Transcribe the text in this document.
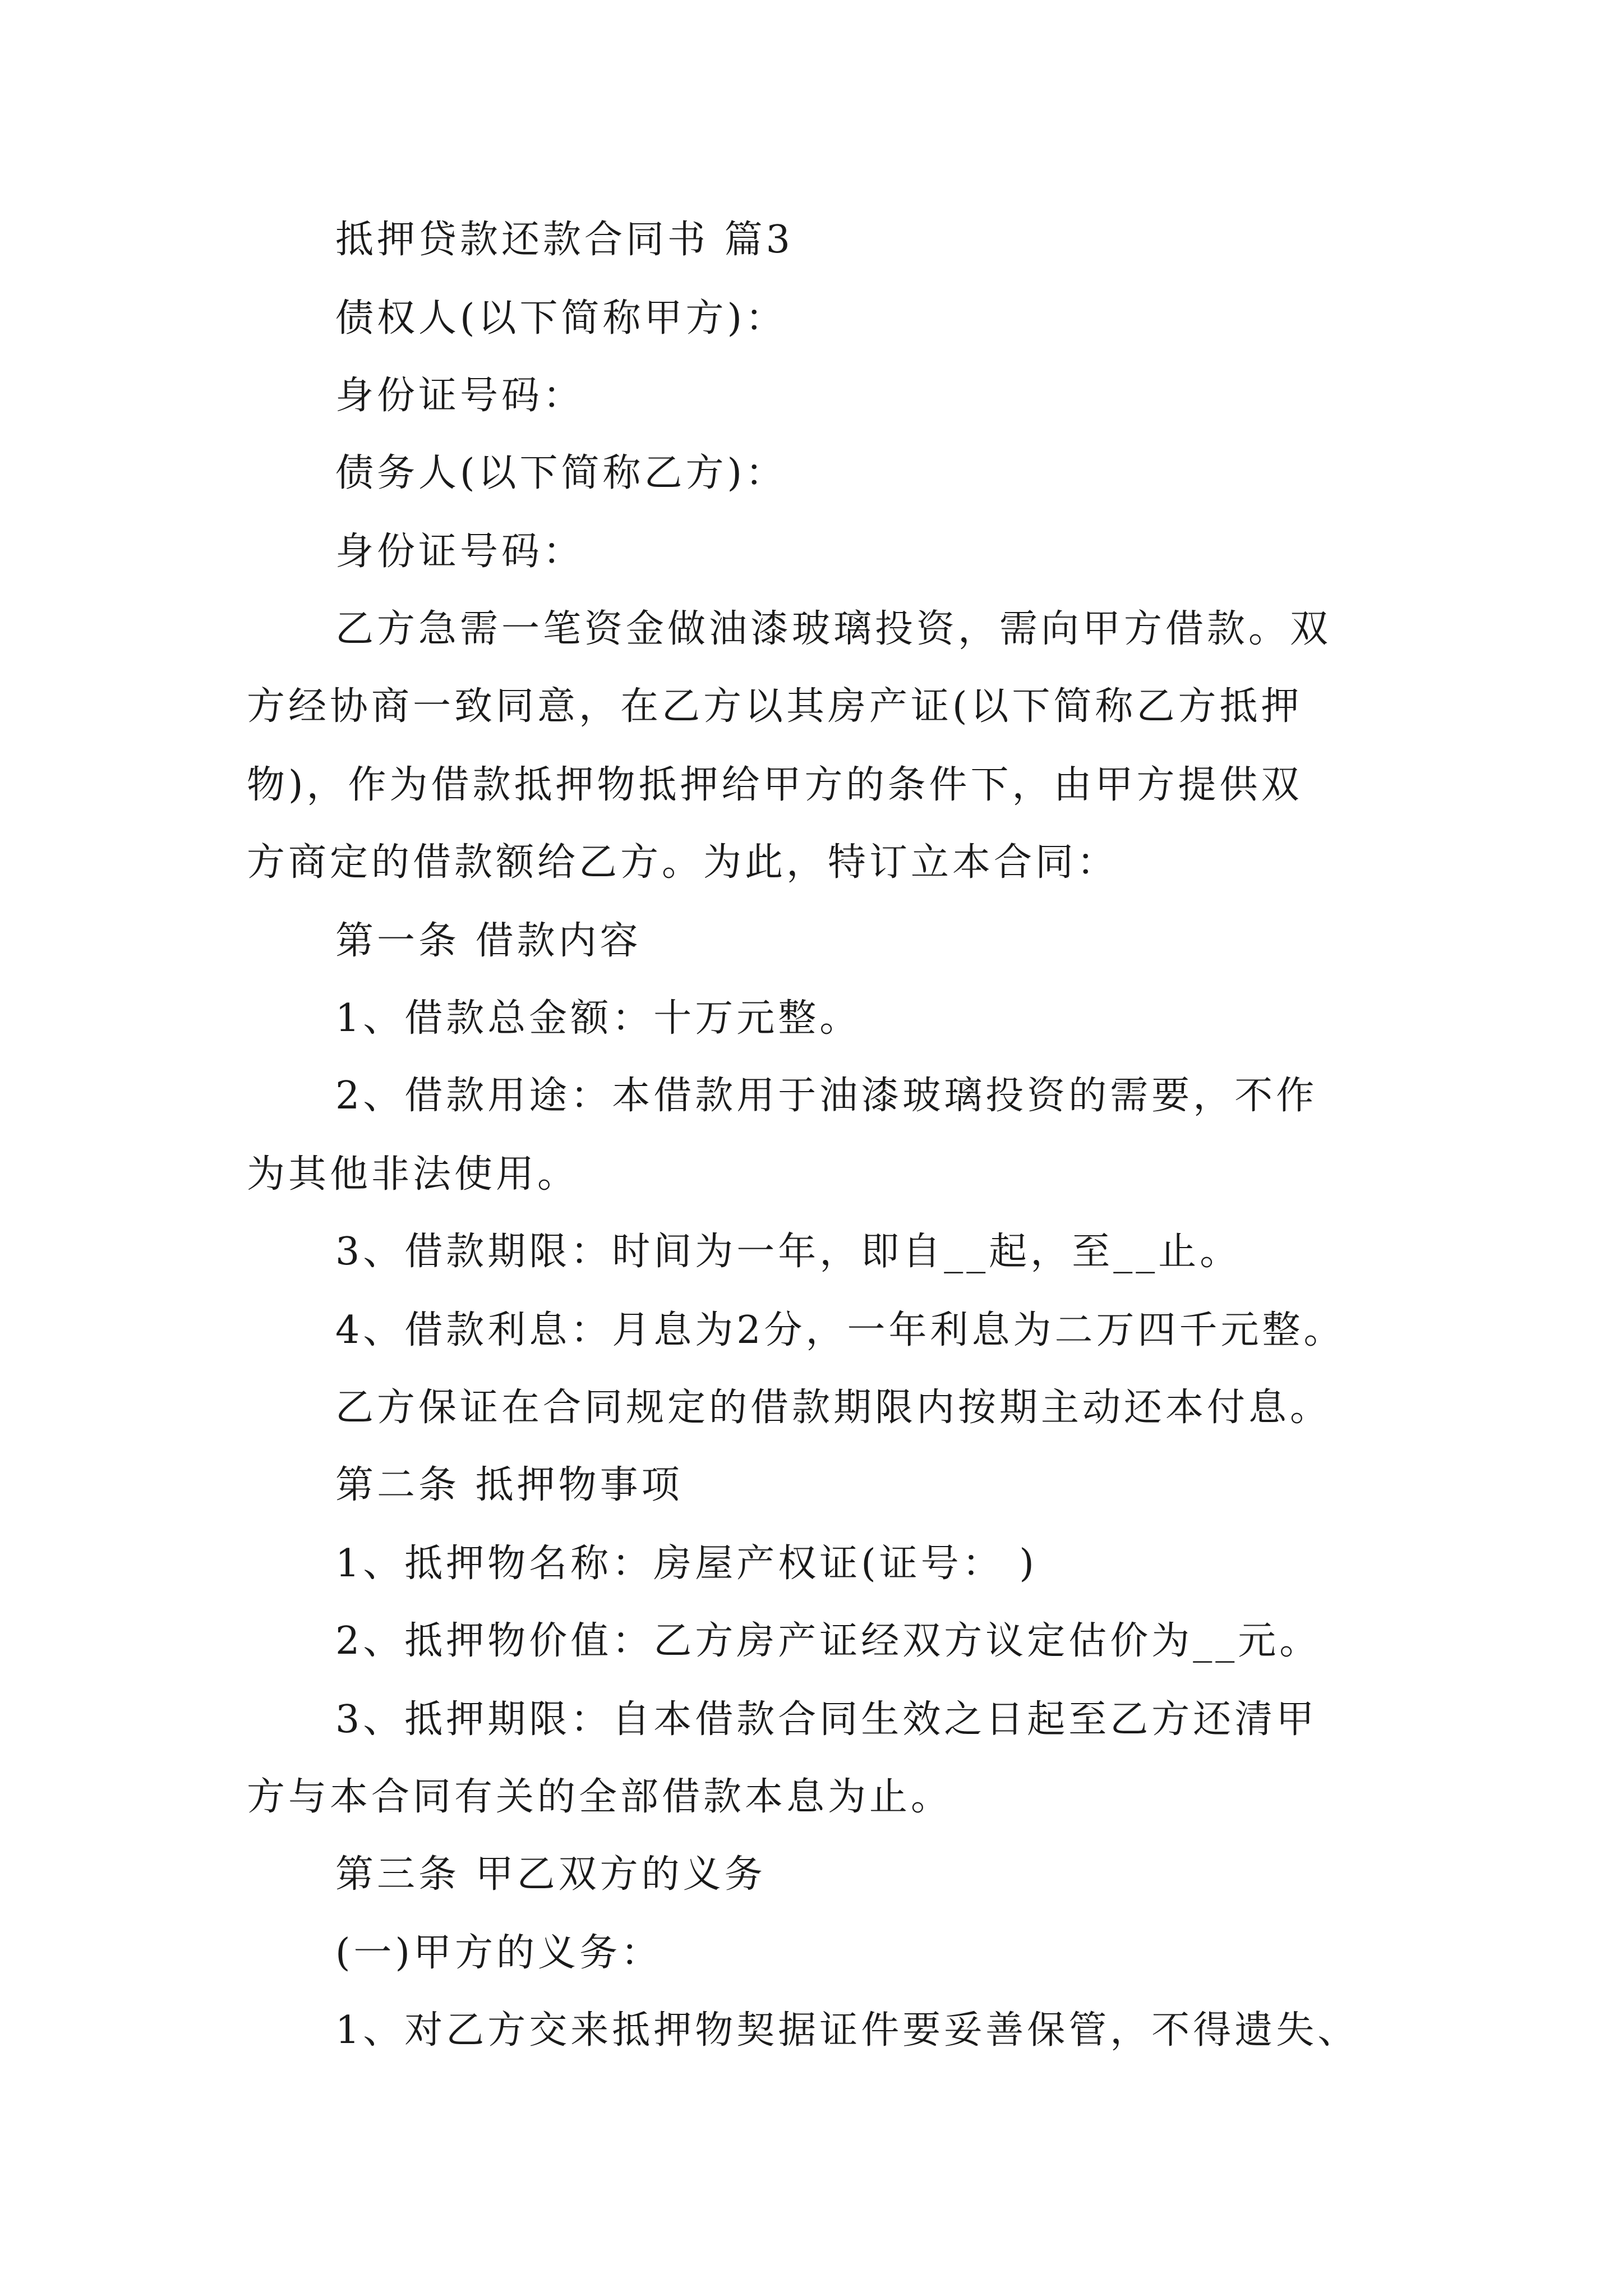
抵押贷款还款合同书 篇3
债权人(以下简称甲方)：
身份证号码：
债务人(以下简称乙方)：
身份证号码：
乙方急需一笔资金做油漆玻璃投资，需向甲方借款。双
方经协商一致同意，在乙方以其房产证(以下简称乙方抵押
物)，作为借款抵押物抵押给甲方的条件下，由甲方提供双
方商定的借款额给乙方。为此，特订立本合同：
第一条 借款内容
1、借款总金额：十万元整。
2、借款用途：本借款用于油漆玻璃投资的需要，不作
为其他非法使用。
3、借款期限：时间为一年，即自__起，至__止。
4、借款利息：月息为2分，一年利息为二万四千元整。
乙方保证在合同规定的借款期限内按期主动还本付息。
第二条 抵押物事项
1、抵押物名称：房屋产权证(证号： )
2、抵押物价值：乙方房产证经双方议定估价为__元。
3、抵押期限：自本借款合同生效之日起至乙方还清甲
方与本合同有关的全部借款本息为止。
第三条 甲乙双方的义务
(一)甲方的义务：
1、对乙方交来抵押物契据证件要妥善保管，不得遗失、
